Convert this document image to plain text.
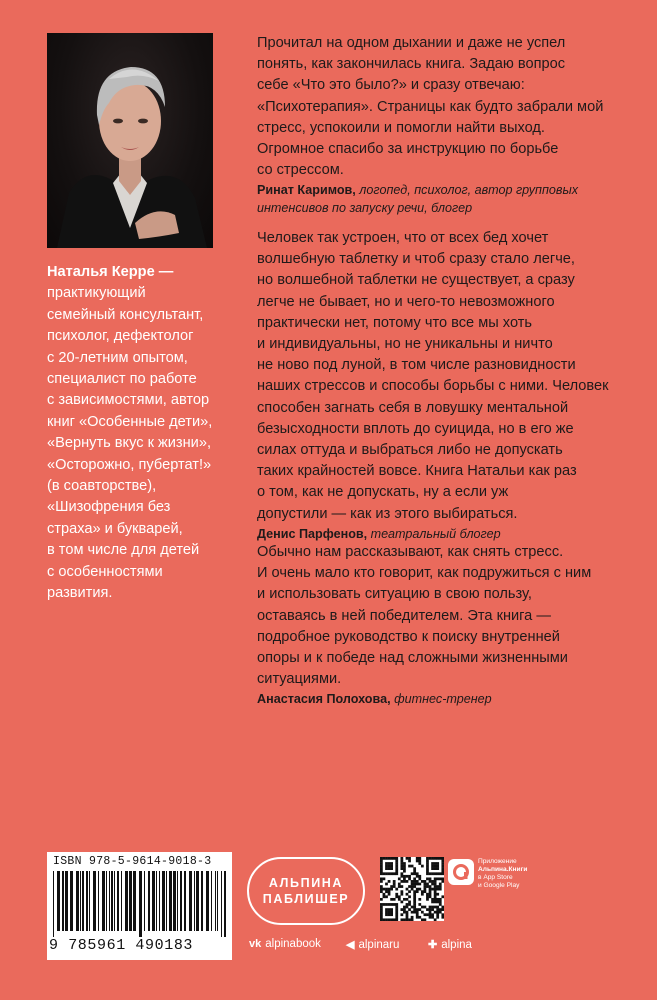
Наталья Керре —
практикующий
семейный консультант,
психолог, дефектолог
с 20-летним опытом,
специалист по работе
с зависимостями, автор
книг «Особенные дети»,
«Вернуть вкус к жизни»,
«Осторожно, пубертат!»
(в соавторстве),
«Шизофрения без
страха» и букварей,
в том числе для детей
с особенностями
развития.
Прочитал на одном дыхании и даже не успел
понять, как закончилась книга. Задаю вопрос
себе «Что это было?» и сразу отвечаю:
«Психотерапия». Страницы как будто забрали мой
стресс, успокоили и помогли найти выход.
Огромное спасибо за инструкцию по борьбе
со стрессом.
Ринат Каримов, логопед, психолог, автор групповых
интенсивов по запуску речи, блогер
Человек так устроен, что от всех бед хочет
волшебную таблетку и чтоб сразу стало легче,
но волшебной таблетки не существует, а сразу
легче не бывает, но и чего-то невозможного
практически нет, потому что все мы хоть
и индивидуальны, но не уникальны и ничто
не ново под луной, в том числе разновидности
наших стрессов и способы борьбы с ними. Человек
способен загнать себя в ловушку ментальной
безысходности вплоть до суицида, но в его же
силах оттуда и выбраться либо не допускать
таких крайностей вовсе. Книга Натальи как раз
о том, как не допускать, ну а если уж
допустили — как из этого выбираться.
Денис Парфенов, театральный блогер
Обычно нам рассказывают, как снять стресс.
И очень мало кто говорит, как подружиться с ним
и использовать ситуацию в свою пользу,
оставаясь в ней победителем. Эта книга —
подробное руководство к поиску внутренней
опоры и к победе над сложными жизненными
ситуациями.
Анастасия Полохова, фитнес-тренер
ISBN 978-5-9614-9018-3
9 785961 490183
АЛЬПИНА
ПАБЛИШЕР
Приложение
Альпина.Книги
в App Store
и Google Play
vk alpinabook ◀ alpinaru	✚ alpina
